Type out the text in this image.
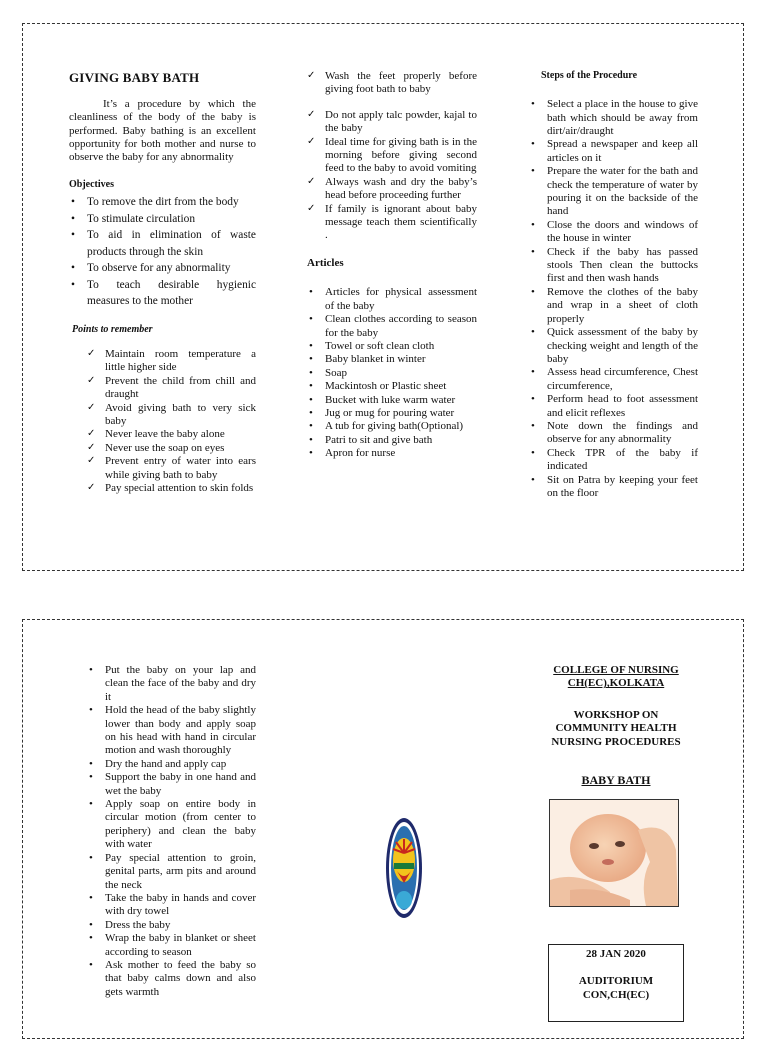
GIVING BABY BATH

It’s a procedure by which the cleanliness of the body of the baby is performed. Baby bathing is an excellent opportunity for both mother and nurse to observe the baby for any abnormality

Objectives
• To remove the dirt from the body
• To stimulate circulation
• To aid in elimination of waste products through the skin
• To observe for any abnormality
• To teach desirable hygienic measures to the mother
Points to remember
✓ Maintain room temperature a little higher side
✓ Prevent the child from chill and draught
✓ Avoid giving bath to very sick baby
✓ Never leave the baby alone
✓ Never use the soap on eyes
✓ Prevent entry of water into ears while giving bath to baby
✓ Pay special attention to skin folds
✓ Wash the feet properly before giving foot bath to baby
✓ Do not apply talc powder, kajal to the baby
✓ Ideal time for giving bath is in the morning before giving second feed to the baby to avoid vomiting
✓ Always wash and dry the baby’s head before proceeding further
✓ If family is ignorant about baby message teach them scientifically .
Articles
• Articles for physical assessment of the baby
• Clean clothes according to season for the baby
• Towel or soft clean cloth
• Baby blanket in winter
• Soap
• Mackintosh or Plastic sheet
• Bucket with luke warm water
• Jug or mug for pouring water
• A tub for giving bath(Optional)
• Patri to sit and give bath
• Apron for nurse
Steps of the Procedure
• Select a place in the house to give bath which should be away from dirt/air/draught
• Spread a newspaper and keep all articles on it
• Prepare the water for the bath and check the temperature of water by pouring it on the backside of the hand
• Close the doors and windows of the house in winter
• Check if the baby has passed stools Then clean the buttocks first and then wash hands
• Remove the clothes of the baby and wrap in a sheet of cloth properly
• Quick assessment of the baby by checking weight and length of the baby
• Assess head circumference, Chest circumference,
• Perform head to foot assessment and elicit reflexes
• Note down the findings and observe for any abnormality
• Check TPR of the baby if indicated
• Sit on Patra by keeping your feet on the floor
• Put the baby on your lap and clean the face of the baby and dry it
• Hold the head of the baby slightly lower than body and apply soap on his head with hand in circular motion and wash thoroughly
• Dry the hand and apply cap
• Support the baby in one hand and wet the baby
• Apply soap on entire body in circular motion (from center to periphery) and clean the baby with water
• Pay special attention to groin, genital parts, arm pits and around the neck
• Take the baby in hands and cover with dry towel
• Dress the baby
• Wrap the baby in blanket or sheet according to season
• Ask mother to feed the baby so that baby calms down and also gets warmth
COLLEGE OF NURSING
CH(EC),KOLKATA
WORKSHOP ON
COMMUNITY HEALTH
NURSING PROCEDURES
BABY BATH
28 JAN 2020
AUDITORIUM
CON,CH(EC)
